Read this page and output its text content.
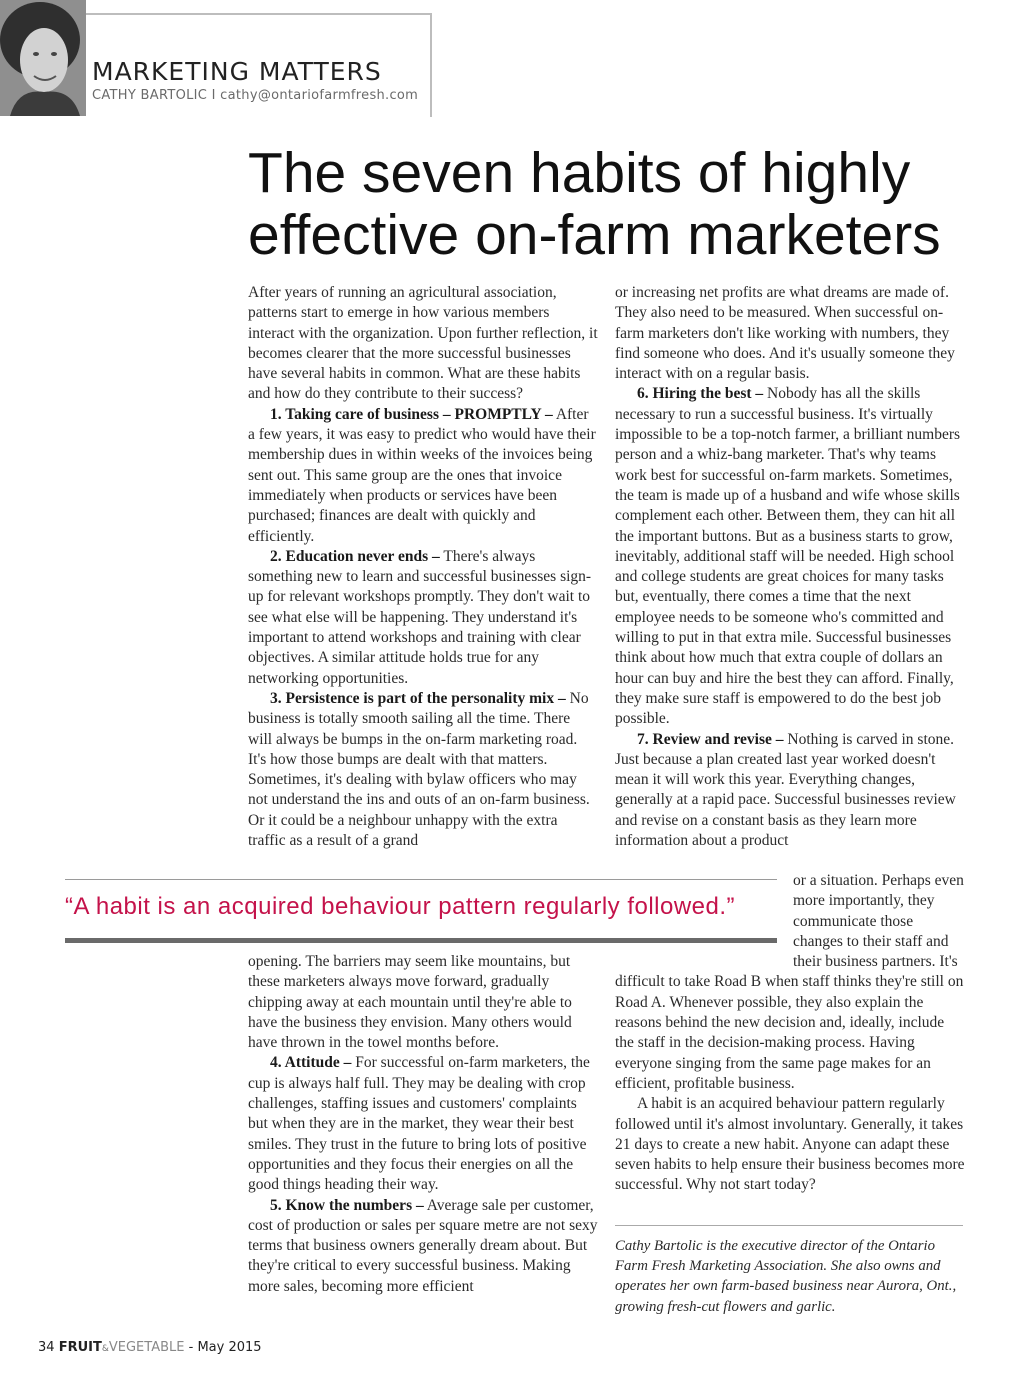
MARKETING MATTERS
CATHY BARTOLIC I cathy@ontariofarmfresh.com
The seven habits of highly
effective on-farm marketers

After years of running an agricultural association, patterns start to emerge in how various members interact with the organization. Upon further reflection, it becomes clearer that the more successful businesses have several habits in common. What are these habits and how do they contribute to their success?

1. Taking care of business – PROMPTLY – After a few years, it was easy to predict who would have their membership dues in within weeks of the invoices being sent out. This same group are the ones that invoice immediately when products or services have been purchased; finances are dealt with quickly and efficiently.

2. Education never ends – There's always something new to learn and successful businesses sign-up for relevant workshops promptly. They don't wait to see what else will be happening. They understand it's important to attend workshops and training with clear objectives. A similar attitude holds true for any networking opportunities.

3. Persistence is part of the personality mix – No business is totally smooth sailing all the time. There will always be bumps in the on-farm marketing road. It's how those bumps are dealt with that matters. Sometimes, it's dealing with bylaw officers who may not understand the ins and outs of an on-farm business. Or it could be a neighbour unhappy with the extra traffic as a result of a grand

or increasing net profits are what dreams are made of. They also need to be measured. When successful on-farm marketers don't like working with numbers, they find someone who does. And it's usually someone they interact with on a regular basis.

6. Hiring the best – Nobody has all the skills necessary to run a successful business. It's virtually impossible to be a top-notch farmer, a brilliant numbers person and a whiz-bang marketer. That's why teams work best for successful on-farm markets. Sometimes, the team is made up of a husband and wife whose skills complement each other. Between them, they can hit all the important buttons. But as a business starts to grow, inevitably, additional staff will be needed. High school and college students are great choices for many tasks but, eventually, there comes a time that the next employee needs to be someone who's committed and willing to put in that extra mile. Successful businesses think about how much that extra couple of dollars an hour can buy and hire the best they can afford. Finally, they make sure staff is empowered to do the best job possible.

7. Review and revise – Nothing is carved in stone. Just because a plan created last year worked doesn't mean it will work this year. Everything changes, generally at a rapid pace. Successful businesses review and revise on a constant basis as they learn more information about a product

“A habit is an acquired behaviour pattern regularly followed.”

opening. The barriers may seem like mountains, but these marketers always move forward, gradually chipping away at each mountain until they're able to have the business they envision. Many others would have thrown in the towel months before.

4. Attitude – For successful on-farm marketers, the cup is always half full. They may be dealing with crop challenges, staffing issues and customers' complaints but when they are in the market, they wear their best smiles. They trust in the future to bring lots of positive opportunities and they focus their energies on all the good things heading their way.

5. Know the numbers – Average sale per customer, cost of production or sales per square metre are not sexy terms that business owners generally dream about. But they're critical to every successful business. Making more sales, becoming more efficient

or a situation. Perhaps even more importantly, they communicate those changes to their staff and their business partners. It's difficult to take Road B when staff thinks they're still on Road A. Whenever possible, they also explain the reasons behind the new decision and, ideally, include the staff in the decision-making process. Having everyone singing from the same page makes for an efficient, profitable business.

A habit is an acquired behaviour pattern regularly followed until it's almost involuntary. Generally, it takes 21 days to create a new habit. Anyone can adapt these seven habits to help ensure their business becomes more successful. Why not start today?

Cathy Bartolic is the executive director of the Ontario Farm Fresh Marketing Association. She also owns and operates her own farm-based business near Aurora, Ont., growing fresh-cut flowers and garlic.

34 FRUIT&VEGETABLE - May 2015
